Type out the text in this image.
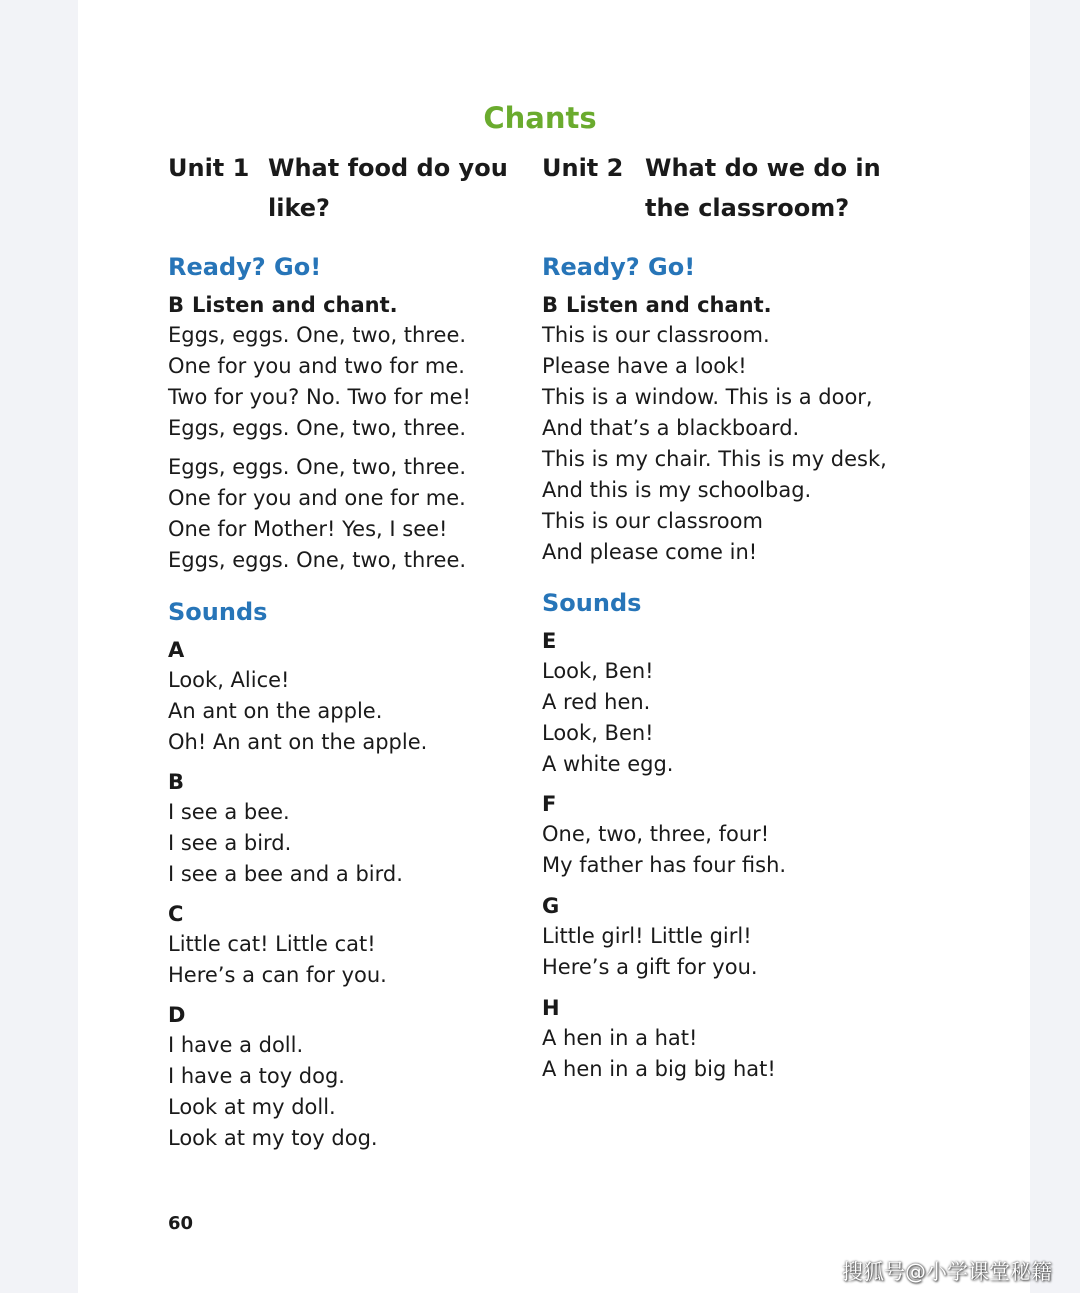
Chants
Unit 1 What food do you
like?
Unit 2 What do we do in
the classroom?
Ready? Go!
B Listen and chant.
Eggs, eggs. One, two, three.
One for you and two for me.
Two for you? No. Two for me!
Eggs, eggs. One, two, three.
Eggs, eggs. One, two, three.
One for you and one for me.
One for Mother! Yes, I see!
Eggs, eggs. One, two, three.
Sounds
A
Look, Alice!
An ant on the apple.
Oh! An ant on the apple.
B
I see a bee.
I see a bird.
I see a bee and a bird.
C
Little cat! Little cat!
Here’s a can for you.
D
I have a doll.
I have a toy dog.
Look at my doll.
Look at my toy dog.
Ready? Go!
B Listen and chant.
This is our classroom.
Please have a look!
This is a window. This is a door,
And that’s a blackboard.
This is my chair. This is my desk,
And this is my schoolbag.
This is our classroom
And please come in!
Sounds
E
Look, Ben!
A red hen.
Look, Ben!
A white egg.
F
One, two, three, four!
My father has four fish.
G
Little girl! Little girl!
Here’s a gift for you.
H
A hen in a hat!
A hen in a big big hat!
60
搜狐号@小学课堂秘籍
